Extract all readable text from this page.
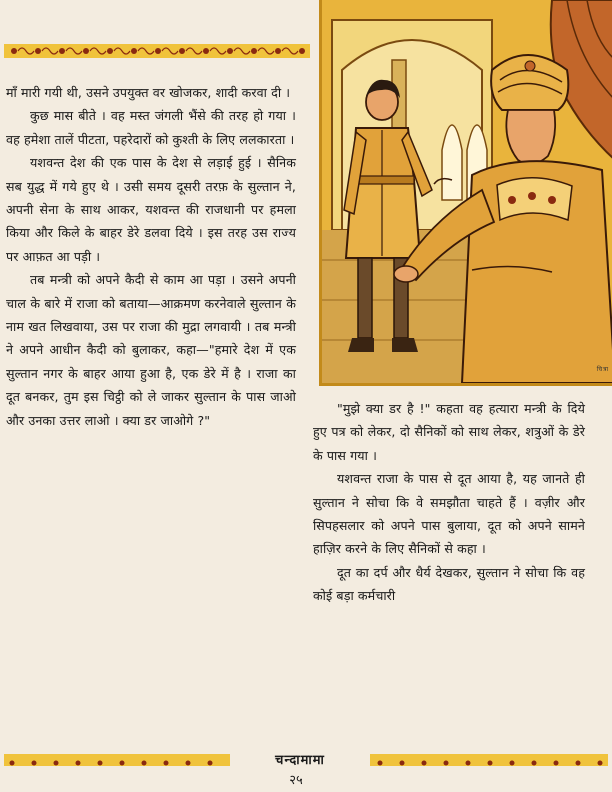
माँ मारी गयी थी, उसने उपयुक्त वर खोजकर, शादी करवा दी ।

कुछ मास बीते । वह मस्त जंगली भैंसे की तरह हो गया । वह हमेशा तालें पीटता, पहरेदारों को कुश्ती के लिए ललकारता ।

यशवन्त देश की एक पास के देश से लड़ाई हुई । सैनिक सब युद्ध में गये हुए थे । उसी समय दूसरी तरफ़ के सुल्तान ने, अपनी सेना के साथ आकर, यशवन्त की राजधानी पर हमला किया और किले के बाहर डेरे डलवा दिये । इस तरह उस राज्य पर आफ़त आ पड़ी ।

तब मन्त्री को अपने कैदी से काम आ पड़ा । उसने अपनी चाल के बारे में राजा को बताया—आक्रमण करनेवाले सुल्तान के नाम खत लिखवाया, उस पर राजा की मुद्रा लगवायी । तब मन्त्री ने अपने आधीन कैदी को बुलाकर, कहा—"हमारे देश में एक सुल्तान नगर के बाहर आया हुआ है, एक डेरे में है । राजा का दूत बनकर, तुम इस चिट्ठी को ले जाकर सुल्तान के पास जाओ और उनका उत्तर लाओ । क्या डर जाओगे ?"

चित्रा

"मुझे क्या डर है !" कहता वह हत्यारा मन्त्री के दिये हुए पत्र को लेकर, दो सैनिकों को साथ लेकर, शत्रुओं के डेरे के पास गया ।

यशवन्त राजा के पास से दूत आया है, यह जानते ही सुल्तान ने सोचा कि वे समझौता चाहते हैं । वज़ीर और सिपहसलार को अपने पास बुलाया, दूत को अपने सामने हाज़िर करने के लिए सैनिकों से कहा ।

दूत का दर्प और धैर्य देखकर, सुल्तान ने सोचा कि वह कोई बड़ा कर्मचारी

चन्दामामा
२५
